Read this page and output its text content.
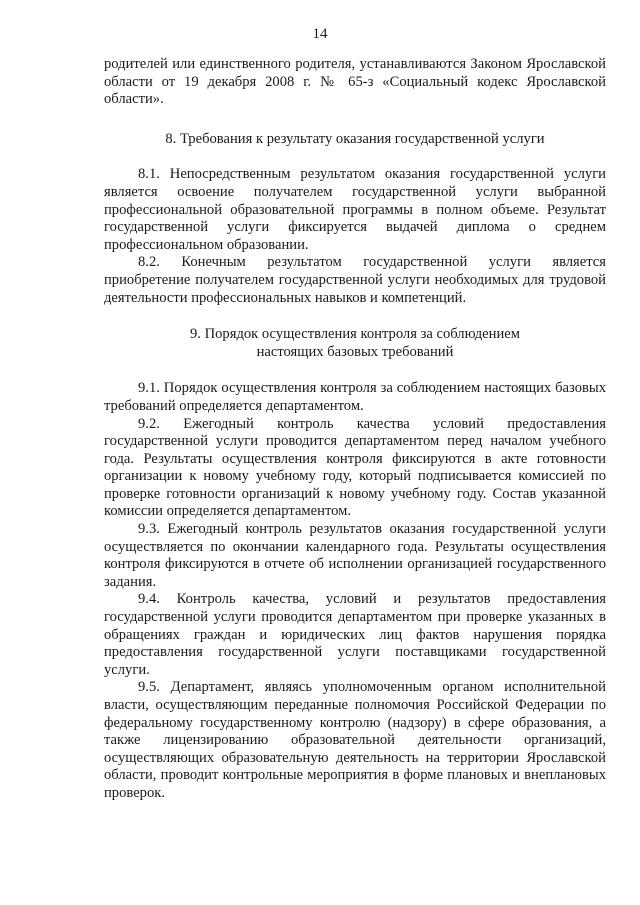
14

родителей или единственного родителя, устанавливаются Законом Ярославской области от 19 декабря 2008 г. № 65-з «Социальный кодекс Ярославской области».

8. Требования к результату оказания государственной услуги

8.1. Непосредственным результатом оказания государственной услуги является освоение получателем государственной услуги выбранной профессиональной образовательной программы в полном объеме. Результат государственной услуги фиксируется выдачей диплома о среднем профессиональном образовании.

8.2. Конечным результатом государственной услуги является приобретение получателем государственной услуги необходимых для трудовой деятельности профессиональных навыков и компетенций.

9. Порядок осуществления контроля за соблюдением
настоящих базовых требований

9.1. Порядок осуществления контроля за соблюдением настоящих базовых требований определяется департаментом.

9.2. Ежегодный контроль качества условий предоставления государственной услуги проводится департаментом перед началом учебного года. Результаты осуществления контроля фиксируются в акте готовности организации к новому учебному году, который подписывается комиссией по проверке готовности организаций к новому учебному году. Состав указанной комиссии определяется департаментом.

9.3. Ежегодный контроль результатов оказания государственной услуги осуществляется по окончании календарного года. Результаты осуществления контроля фиксируются в отчете об исполнении организацией государственного задания.

9.4. Контроль качества, условий и результатов предоставления государственной услуги проводится департаментом при проверке указанных в обращениях граждан и юридических лиц фактов нарушения порядка предоставления государственной услуги поставщиками государственной услуги.

9.5. Департамент, являясь уполномоченным органом исполнительной власти, осуществляющим переданные полномочия Российской Федерации по федеральному государственному контролю (надзору) в сфере образования, а также лицензированию образовательной деятельности организаций, осуществляющих образовательную деятельность на территории Ярославской области, проводит контрольные мероприятия в форме плановых и внеплановых проверок.
